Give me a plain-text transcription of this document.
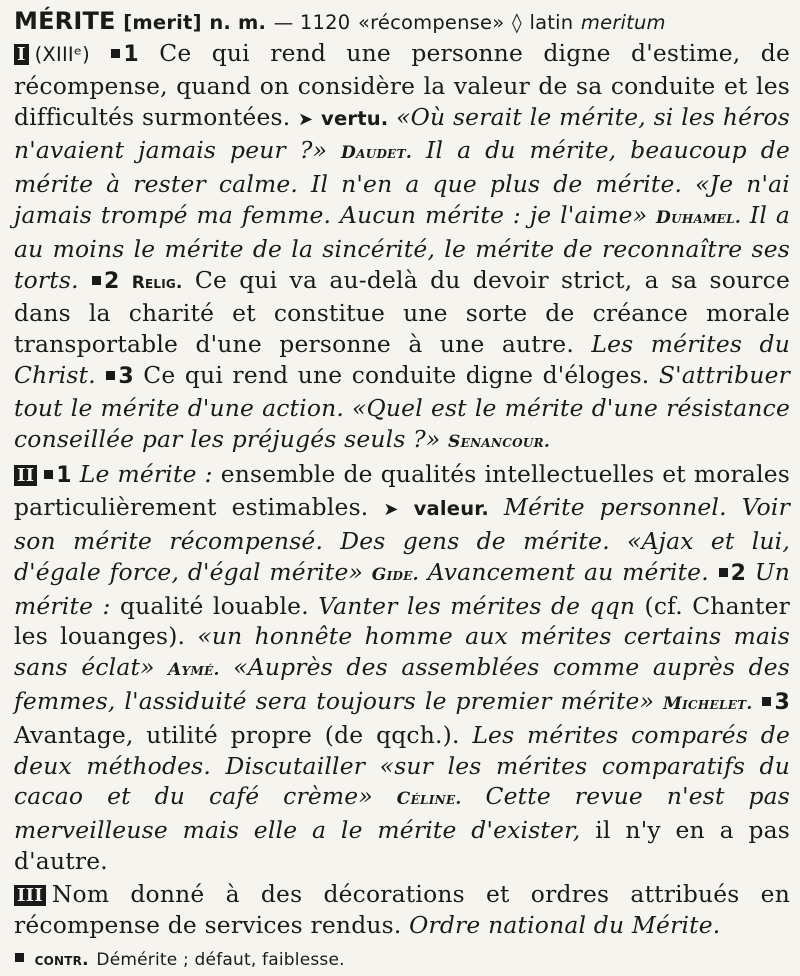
MÉRITE [merit] n. m. — 1120 «récompense» ◊ latin meritum

I (XIIIᵉ) 1 Ce qui rend une personne digne d'estime, de récompense, quand on considère la valeur de sa conduite et les difficultés surmontées. ➤ vertu. «Où serait le mérite, si les héros n'avaient jamais peur ?» Daudet. Il a du mérite, beaucoup de mérite à rester calme. Il n'en a que plus de mérite. «Je n'ai jamais trompé ma femme. Aucun mérite : je l'aime» Duhamel. Il a au moins le mérite de la sincérité, le mérite de reconnaître ses torts. 2 Relig. Ce qui va au-delà du devoir strict, a sa source dans la charité et constitue une sorte de créance morale transportable d'une personne à une autre. Les mérites du Christ. 3 Ce qui rend une conduite digne d'éloges. S'attribuer tout le mérite d'une action. «Quel est le mérite d'une résistance conseillée par les préjugés seuls ?» Senancour.

II 1 Le mérite : ensemble de qualités intellectuelles et morales particulièrement estimables. ➤ valeur. Mérite personnel. Voir son mérite récompensé. Des gens de mérite. «Ajax et lui, d'égale force, d'égal mérite» Gide. Avancement au mérite. 2 Un mérite : qualité louable. Vanter les mérites de qqn (cf. Chanter les louanges). «un honnête homme aux mérites certains mais sans éclat» Aymé. «Auprès des assemblées comme auprès des femmes, l'assiduité sera toujours le premier mérite» Michelet. 3 Avantage, utilité propre (de qqch.). Les mérites comparés de deux méthodes. Discutailler «sur les mérites comparatifs du cacao et du café crème» Céline. Cette revue n'est pas merveilleuse mais elle a le mérite d'exister, il n'y en a pas d'autre.

III Nom donné à des décorations et ordres attribués en récompense de services rendus. Ordre national du Mérite.

contr. Démérite ; défaut, faiblesse.
